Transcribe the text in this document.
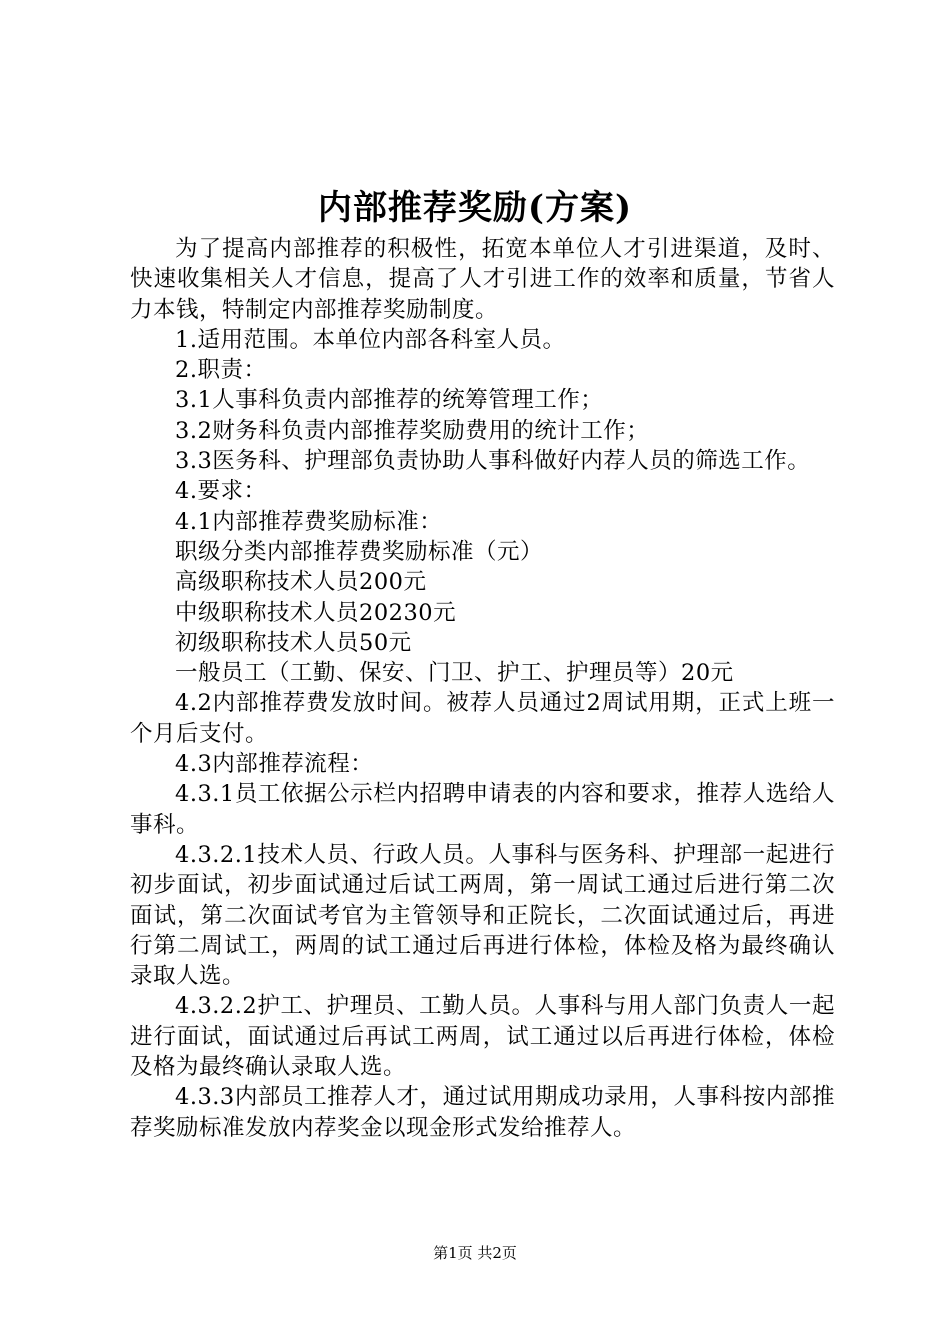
内部推荐奖励(方案)

为了提高内部推荐的积极性，拓宽本单位人才引进渠道，及时、快速收集相关人才信息，提高了人才引进工作的效率和质量，节省人力本钱，特制定内部推荐奖励制度。

1.适用范围。本单位内部各科室人员。

2.职责：

3.1人事科负责内部推荐的统筹管理工作；

3.2财务科负责内部推荐奖励费用的统计工作；

3.3医务科、护理部负责协助人事科做好内荐人员的筛选工作。

4.要求：

4.1内部推荐费奖励标准：

职级分类内部推荐费奖励标准（元）

高级职称技术人员200元

中级职称技术人员20230元

初级职称技术人员50元

一般员工（工勤、保安、门卫、护工、护理员等）20元

4.2内部推荐费发放时间。被荐人员通过2周试用期，正式上班一个月后支付。

4.3内部推荐流程：

4.3.1员工依据公示栏内招聘申请表的内容和要求，推荐人选给人事科。

4.3.2.1技术人员、行政人员。人事科与医务科、护理部一起进行初步面试，初步面试通过后试工两周，第一周试工通过后进行第二次面试，第二次面试考官为主管领导和正院长，二次面试通过后，再进行第二周试工，两周的试工通过后再进行体检，体检及格为最终确认录取人选。

4.3.2.2护工、护理员、工勤人员。人事科与用人部门负责人一起进行面试，面试通过后再试工两周，试工通过以后再进行体检，体检及格为最终确认录取人选。

4.3.3内部员工推荐人才，通过试用期成功录用，人事科按内部推荐奖励标准发放内荐奖金以现金形式发给推荐人。

第1页 共2页
